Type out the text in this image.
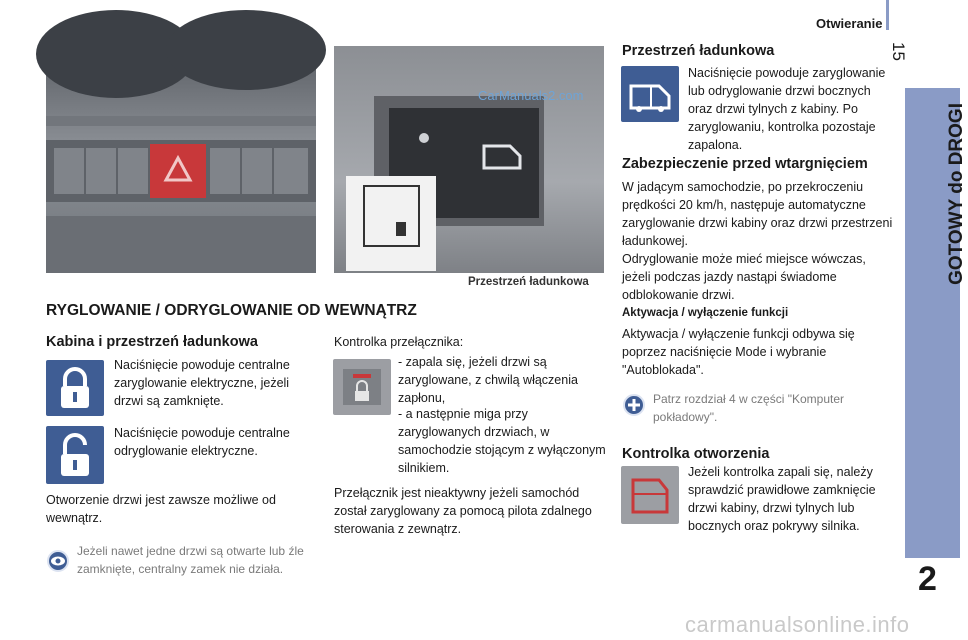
Otwieranie
15
GOTOWY do DROGI
2
CarManuals2.com
Przestrzeń ładunkowa
RYGLOWANIE / ODRYGLOWANIE OD WEWNĄTRZ
Kabina i przestrzeń ładunkowa
Naciśnięcie powoduje centralne zaryglowanie elektryczne, jeżeli drzwi są zamknięte.
Naciśnięcie powoduje centralne odryglowanie elektryczne.
Otworzenie drzwi jest zawsze możliwe od wewnątrz.
Jeżeli nawet jedne drzwi są otwarte lub źle zamknięte, centralny zamek nie działa.
Kontrolka przełącznika:
- zapala się, jeżeli drzwi są zaryglowane, z chwilą włączenia zapłonu,
- a następnie miga przy zaryglowanych drzwiach, w samochodzie stojącym z wyłączonym silnikiem.
Przełącznik jest nieaktywny jeżeli samochód został zaryglowany za pomocą pilota zdalnego sterowania z zewnątrz.
Przestrzeń ładunkowa
Naciśnięcie powoduje zaryglowanie lub odryglowanie drzwi bocznych oraz drzwi tylnych z kabiny. Po zaryglowaniu, kontrolka pozostaje zapalona.
Zabezpieczenie przed wtargnięciem
W jadącym samochodzie, po przekroczeniu prędkości 20 km/h, następuje automatyczne zaryglowanie drzwi kabiny oraz drzwi przestrzeni ładunkowej.
Odryglowanie może mieć miejsce wówczas, jeżeli podczas jazdy nastąpi świadome odblokowanie drzwi.
Aktywacja / wyłączenie funkcji
Aktywacja / wyłączenie funkcji odbywa się poprzez naciśnięcie Mode i wybranie "Autoblokada".
Patrz rozdział 4 w części "Komputer pokładowy".
Kontrolka otworzenia
Jeżeli kontrolka zapali się, należy sprawdzić prawidłowe zamknięcie drzwi kabiny, drzwi tylnych lub bocznych oraz pokrywy silnika.
carmanualsonline.info
